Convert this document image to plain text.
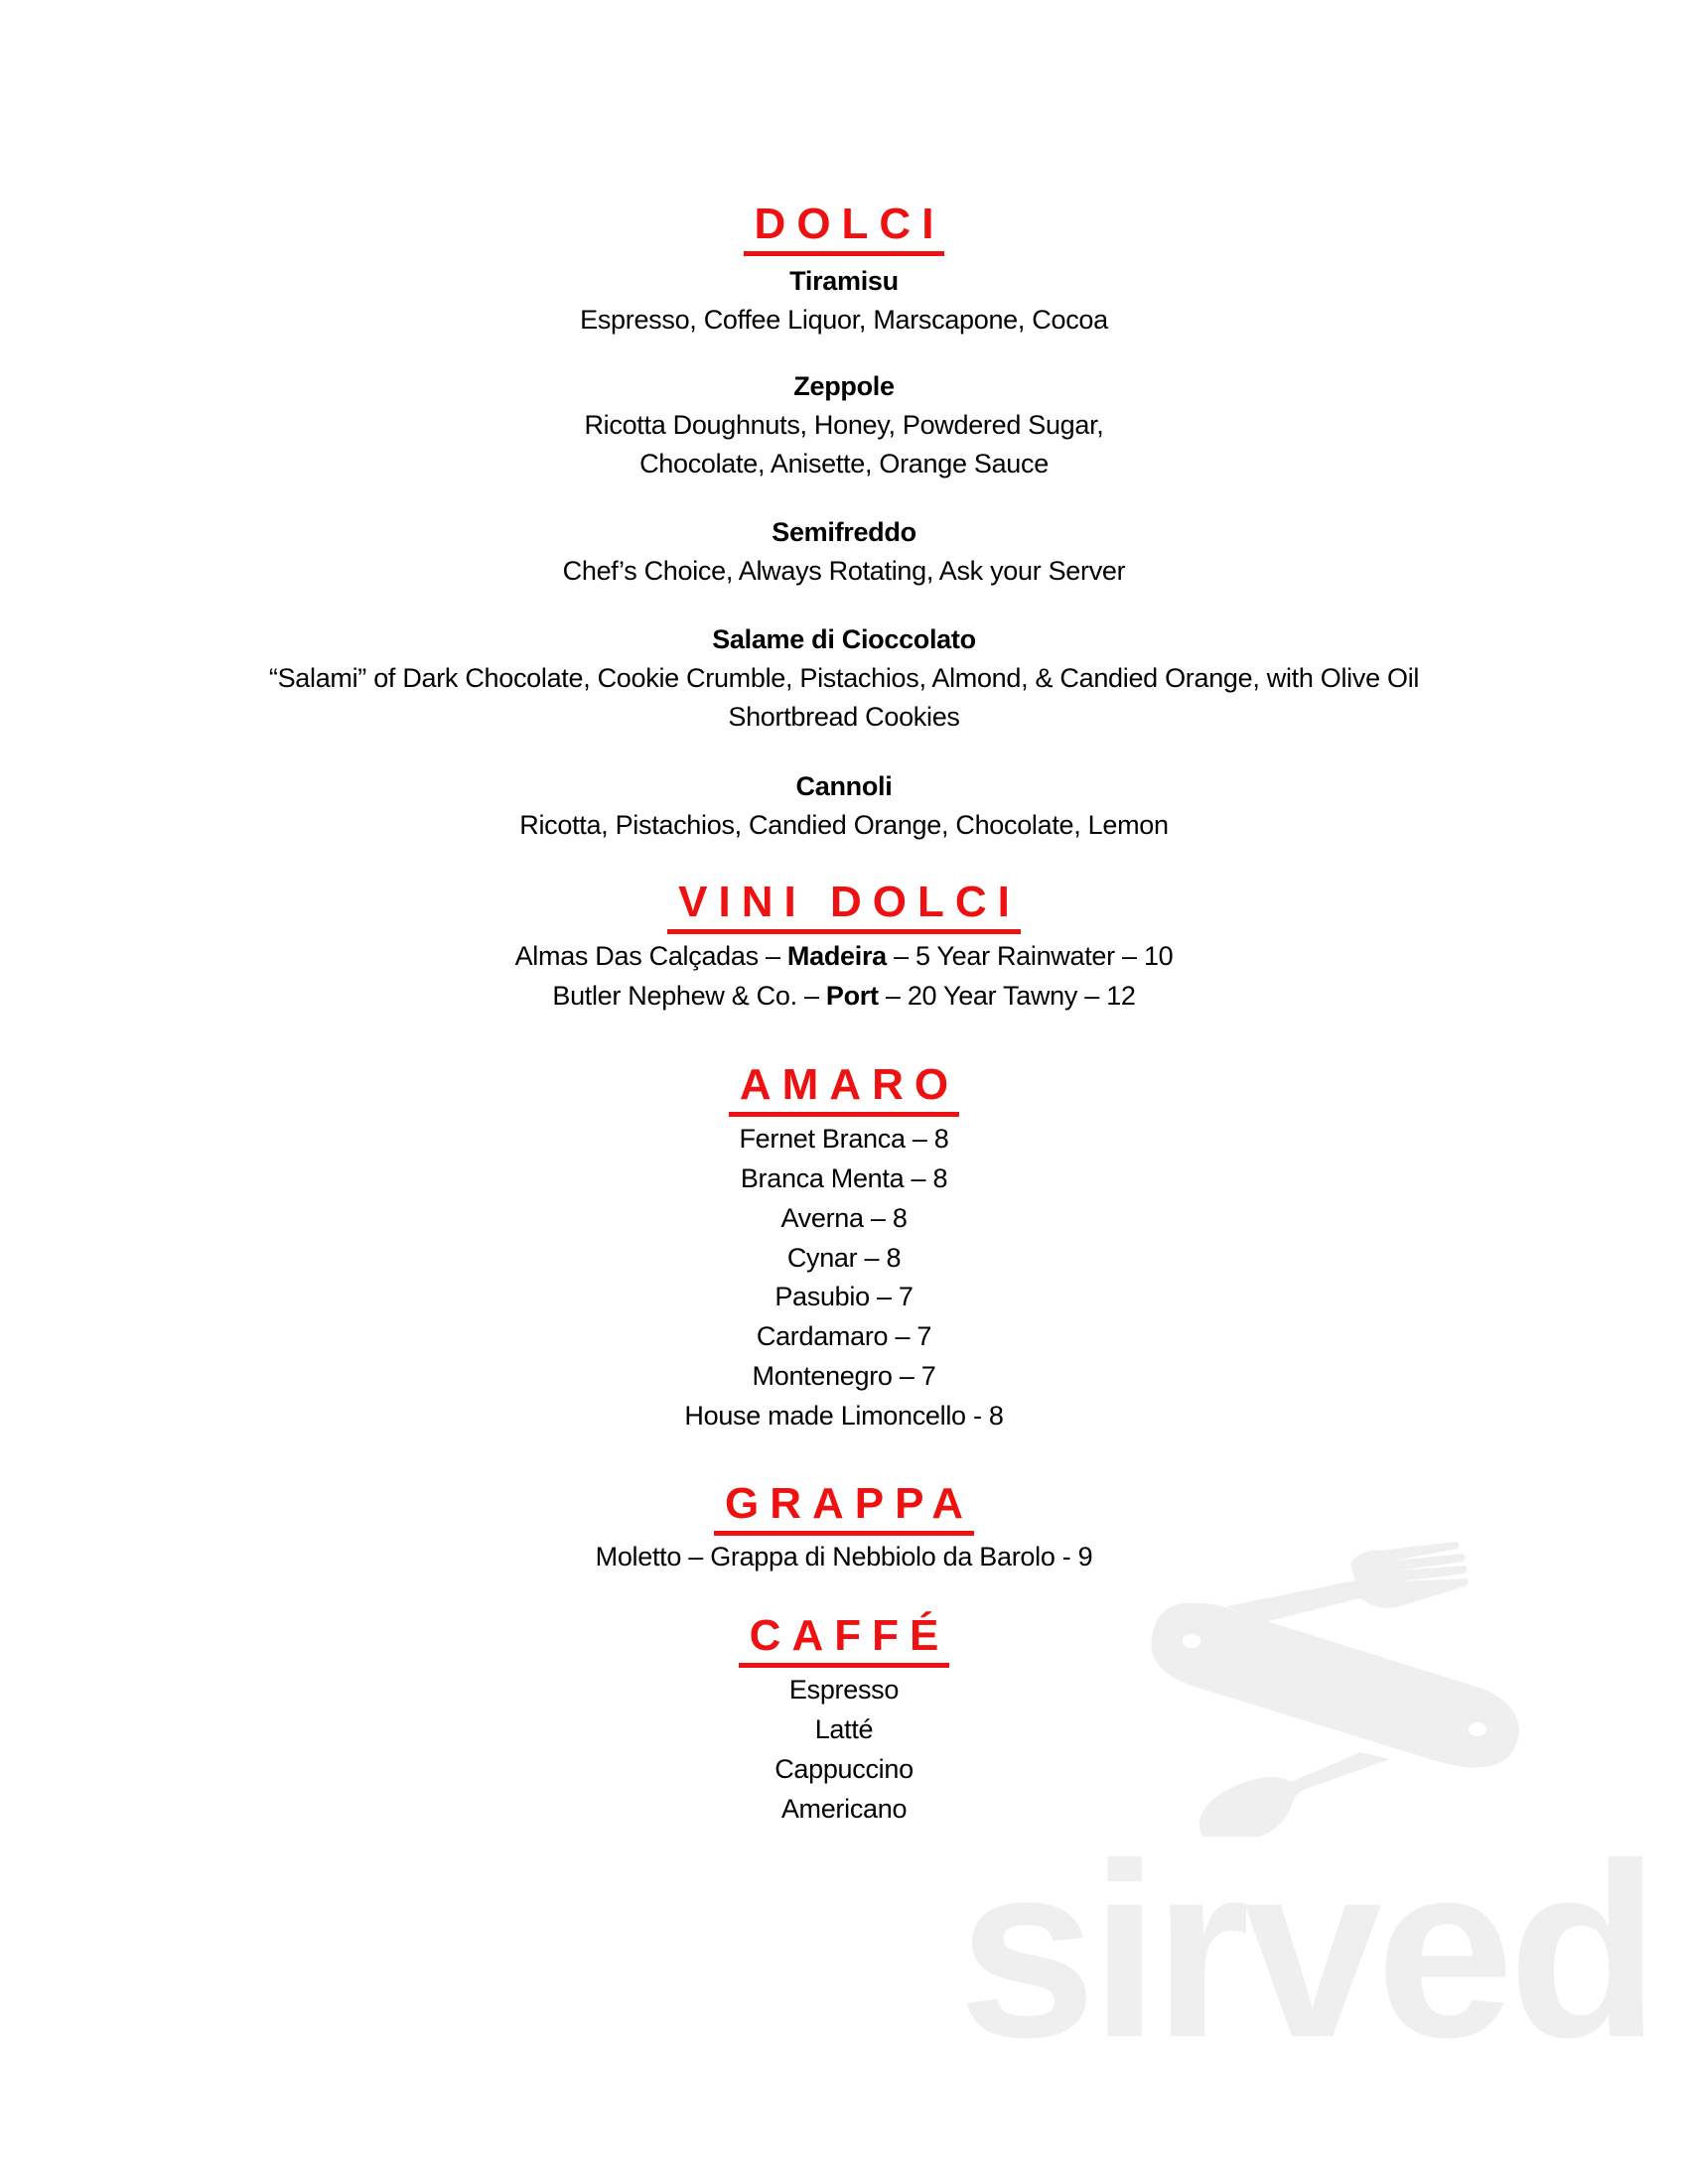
sirved
DOLCI
Tiramisu
Espresso, Coffee Liquor, Marscapone, Cocoa
Zeppole
Ricotta Doughnuts, Honey, Powdered Sugar,
Chocolate, Anisette, Orange Sauce
Semifreddo
Chef’s Choice, Always Rotating, Ask your Server
Salame di Cioccolato
“Salami” of Dark Chocolate, Cookie Crumble, Pistachios, Almond, & Candied Orange, with Olive Oil
Shortbread Cookies
Cannoli
Ricotta, Pistachios, Candied Orange, Chocolate, Lemon
VINI DOLCI
Almas Das Calçadas – Madeira – 5 Year Rainwater – 10
Butler Nephew & Co. – Port – 20 Year Tawny – 12
AMARO
Fernet Branca – 8
Branca Menta – 8
Averna – 8
Cynar – 8
Pasubio – 7
Cardamaro – 7
Montenegro – 7
House made Limoncello - 8
GRAPPA
Moletto – Grappa di Nebbiolo da Barolo - 9
CAFFÉ
Espresso
Latté
Cappuccino
Americano
